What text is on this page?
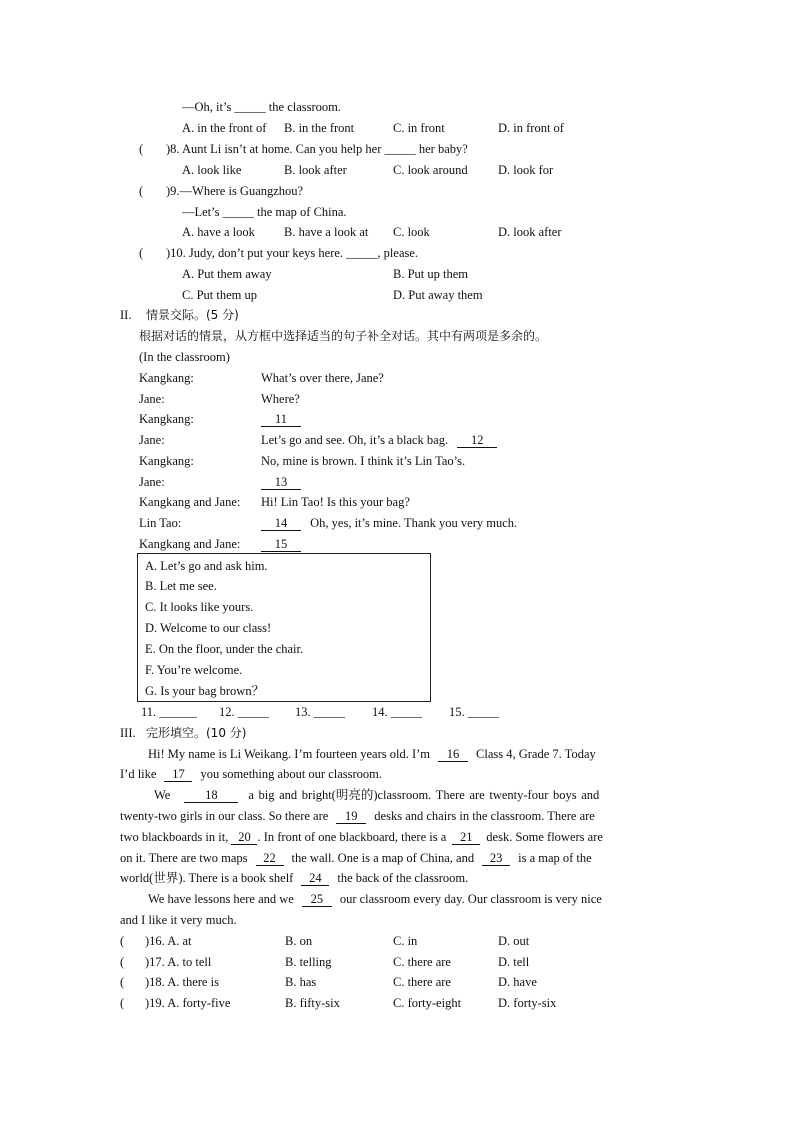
—Oh, it’s _____ the classroom.
A. in the front of B. in the front	C. in front	D. in front of
( )8. Aunt Li isn’t at home. Can you help her _____ her baby?
A. look like	B. look after	C. look around D. look for
( )9.—Where is Guangzhou?
—Let’s _____ the map of China.
A. have a look B. have a look at C. look	D. look after
( )10. Judy, don’t put your keys here. _____, please.
A. Put them away	B. Put up them
C. Put them up	D. Put away them
II. 情景交际。(5 分)
根据对话的情景，从方框中选择适当的句子补全对话。其中有两项是多余的。
(In the classroom)
Kangkang:	What’s over there, Jane?
Jane:	Where?
Kangkang:	11
Jane:	Let’s go and see. Oh, it’s a black bag. 12
Kangkang:	No, mine is brown. I think it’s Lin Tao’s.
Jane:	13
Kangkang and Jane: Hi! Lin Tao! Is this your bag?
Lin Tao:	14 Oh, yes, it’s mine. Thank you very much.
Kangkang and Jane:	15
A. Let’s go and ask him.
B. Let me see.
C. It looks like yours.
D. Welcome to our class!
E. On the floor, under the chair.
F. You’re welcome.
G. Is your bag brown？
11. ______ 12. _____ 13. _____ 14. _____ 15. _____
III. 完形填空。(10 分)
Hi! My name is Li Weikang. I’m fourteen years old. I’m 16 Class 4, Grade 7. Today
I’d like 17 you something about our classroom.
We	18 a big and bright(明亮的)classroom. There are twenty-four boys and
twenty-two girls in our class. So there are 19 desks and chairs in the classroom. There are
two blackboards in it, 20 . In front of one blackboard, there is a 21 desk. Some flowers are
on it. There are two maps 22 the wall. One is a map of China, and 23 is a map of the
world(世界). There is a book shelf 24 the back of the classroom.
We have lessons here and we 25 our classroom every day. Our classroom is very nice
and I like it very much.
( )16. A. at	B. on	C. in	D. out
( )17. A. to tell	B. telling	C. there are	D. tell
( )18. A. there is	B. has	C. there are	D. have
( )19. A. forty-five	B. fifty-six	C. forty-eight	D. forty-six
